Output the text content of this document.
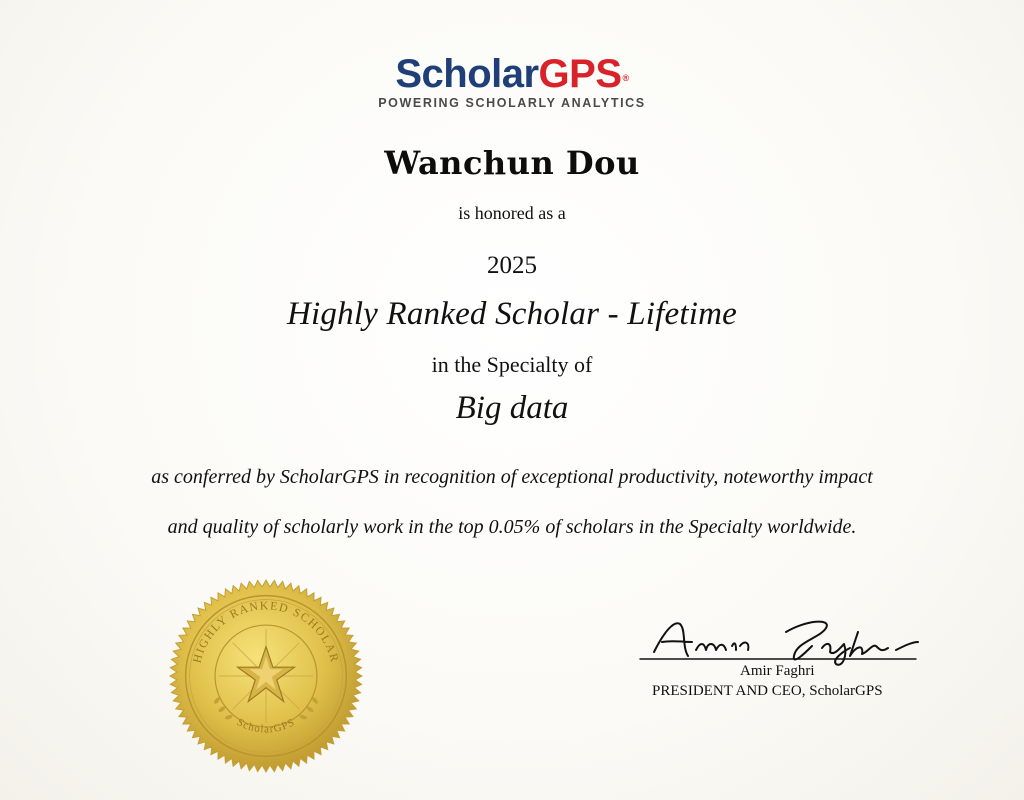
ScholarGPS®
POWERING SCHOLARLY ANALYTICS
Wanchun Dou
is honored as a
2025
Highly Ranked Scholar - Lifetime
in the Specialty of
Big data
as conferred by ScholarGPS in recognition of exceptional productivity, noteworthy impact
and quality of scholarly work in the top 0.05% of scholars in the Specialty worldwide.
HIGHLY RANKED SCHOLAR
ScholarGPS
Amir Faghri
PRESIDENT AND CEO, ScholarGPS
